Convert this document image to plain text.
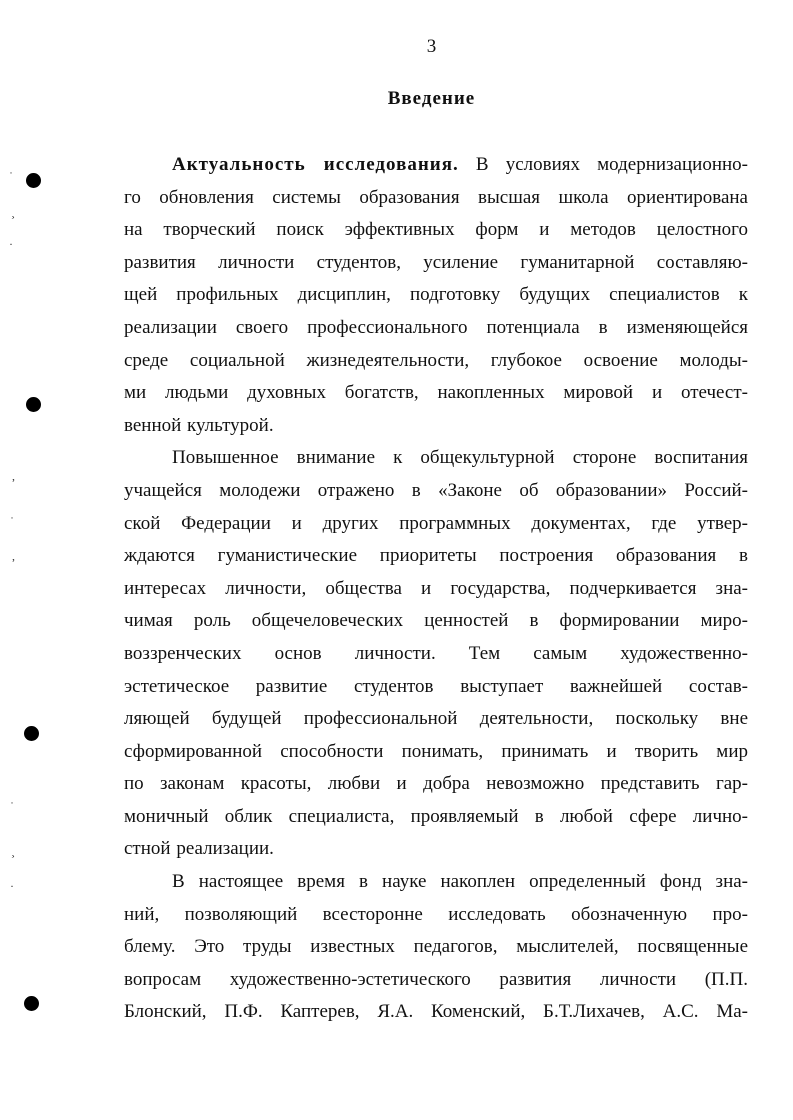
3
Введение
˙
¸
·
,
˙
,
˙
¸
·
Актуальность исследования. В условиях модернизационно-
го обновления системы образования высшая школа ориентирована
на творческий поиск эффективных форм и методов целостного
развития личности студентов, усиление гуманитарной составляю-
щей профильных дисциплин, подготовку будущих специалистов к
реализации своего профессионального потенциала в изменяющейся
среде социальной жизнедеятельности, глубокое освоение молоды-
ми людьми духовных богатств, накопленных мировой и отечест-
венной культурой.
Повышенное внимание к общекультурной стороне воспитания
учащейся молодежи отражено в «Законе об образовании» Россий-
ской Федерации и других программных документах, где утвер-
ждаются гуманистические приоритеты построения образования в
интересах личности, общества и государства, подчеркивается зна-
чимая роль общечеловеческих ценностей в формировании миро-
воззренческих основ личности. Тем самым художественно-
эстетическое развитие студентов выступает важнейшей состав-
ляющей будущей профессиональной деятельности, поскольку вне
сформированной способности понимать, принимать и творить мир
по законам красоты, любви и добра невозможно представить гар-
моничный облик специалиста, проявляемый в любой сфере лично-
стной реализации.
В настоящее время в науке накоплен определенный фонд зна-
ний, позволяющий всесторонне исследовать обозначенную про-
блему. Это труды известных педагогов, мыслителей, посвященные
вопросам художественно-эстетического развития личности (П.П.
Блонский, П.Ф. Каптерев, Я.А. Коменский, Б.Т.Лихачев, А.С. Ма-
